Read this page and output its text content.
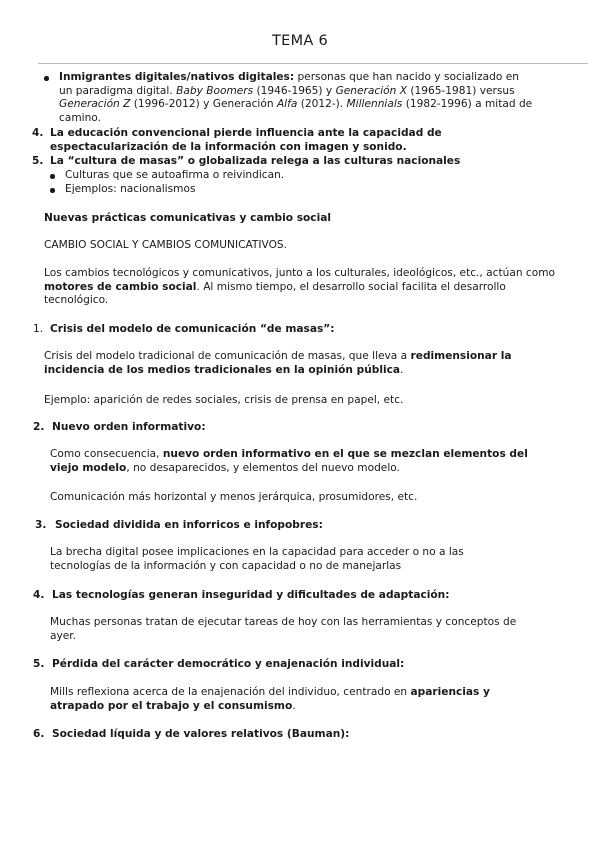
TEMA 6

Inmigrantes digitales/nativos digitales: personas que han nacido y socializado en

un paradigma digital. Baby Boomers (1946-1965) y Generación X (1965-1981) versus

Generación Z (1996-2012) y Generación Alfa (2012-). Millennials (1982-1996) a mitad de

camino.

4. La educación convencional pierde influencia ante la capacidad de

espectacularización de la información con imagen y sonido.

5. La “cultura de masas” o globalizada relega a las culturas nacionales
Culturas que se autoafirma o reivindican.
Ejemplos: nacionalismos
Nuevas prácticas comunicativas y cambio social
CAMBIO SOCIAL Y CAMBIOS COMUNICATIVOS.

Los cambios tecnológicos y comunicativos, junto a los culturales, ideológicos, etc., actúan como

motores de cambio social. Al mismo tiempo, el desarrollo social facilita el desarrollo

tecnológico.

1. Crisis del modelo de comunicación “de masas”:

Crisis del modelo tradicional de comunicación de masas, que lleva a redimensionar la

incidencia de los medios tradicionales en la opinión pública.

Ejemplo: aparición de redes sociales, crisis de prensa en papel, etc.
2. Nuevo orden informativo:

Como consecuencia, nuevo orden informativo en el que se mezclan elementos del

viejo modelo, no desaparecidos, y elementos del nuevo modelo.

Comunicación más horizontal y menos jerárquica, prosumidores, etc.
3. Sociedad dividida en inforricos e infopobres:

La brecha digital posee implicaciones en la capacidad para acceder o no a las

tecnologías de la información y con capacidad o no de manejarlas

4. Las tecnologías generan inseguridad y dificultades de adaptación:

Muchas personas tratan de ejecutar tareas de hoy con las herramientas y conceptos de

ayer.

5. Pérdida del carácter democrático y enajenación individual:

Mills reflexiona acerca de la enajenación del individuo, centrado en apariencias y

atrapado por el trabajo y el consumismo.

6. Sociedad líquida y de valores relativos (Bauman):
